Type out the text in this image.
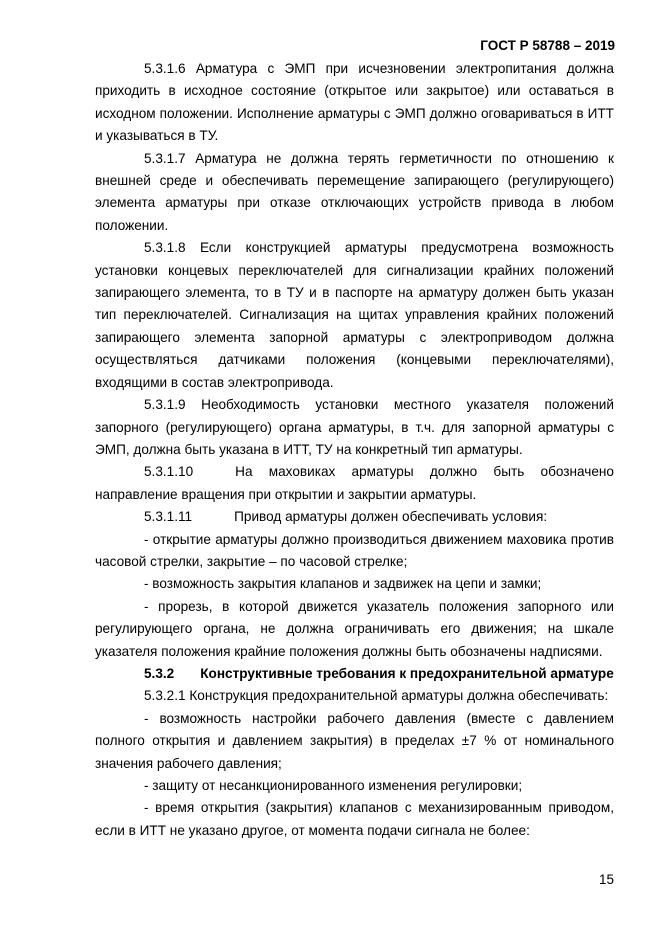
ГОСТ Р 58788 – 2019

5.3.1.6 Арматура с ЭМП при исчезновении электропитания должна приходить в исходное состояние (открытое или закрытое) или оставаться в исходном положении. Исполнение арматуры с ЭМП должно оговариваться в ИТТ и указываться в ТУ.

5.3.1.7 Арматура не должна терять герметичности по отношению к внешней среде и обеспечивать перемещение запирающего (регулирующего) элемента арматуры при отказе отключающих устройств привода в любом положении.

5.3.1.8 Если конструкцией арматуры предусмотрена возможность установки концевых переключателей для сигнализации крайних положений запирающего элемента, то в ТУ и в паспорте на арматуру должен быть указан тип переключателей. Сигнализация на щитах управления крайних положений запирающего элемента запорной арматуры с электроприводом должна осуществляться датчиками положения (концевыми переключателями), входящими в состав электропривода.

5.3.1.9 Необходимость установки местного указателя положений запорного (регулирующего) органа арматуры, в т.ч. для запорной арматуры с ЭМП, должна быть указана в ИТТ, ТУ на конкретный тип арматуры.

5.3.1.10	На маховиках арматуры должно быть обозначено направление вращения при открытии и закрытии арматуры.

5.3.1.11	Привод арматуры должен обеспечивать условия:

- открытие арматуры должно производиться движением маховика против часовой стрелки, закрытие – по часовой стрелке;

- возможность закрытия клапанов и задвижек на цепи и замки;

- прорезь, в которой движется указатель положения запорного или регулирующего органа, не должна ограничивать его движения; на шкале указателя положения крайние положения должны быть обозначены надписями.

5.3.2 Конструктивные требования к предохранительной арматуре

5.3.2.1 Конструкция предохранительной арматуры должна обеспечивать:

- возможность настройки рабочего давления (вместе с давлением полного открытия и давлением закрытия) в пределах ±7 % от номинального значения рабочего давления;

- защиту от несанкционированного изменения регулировки;

- время открытия (закрытия) клапанов с механизированным приводом, если в ИТТ не указано другое, от момента подачи сигнала не более:

15
